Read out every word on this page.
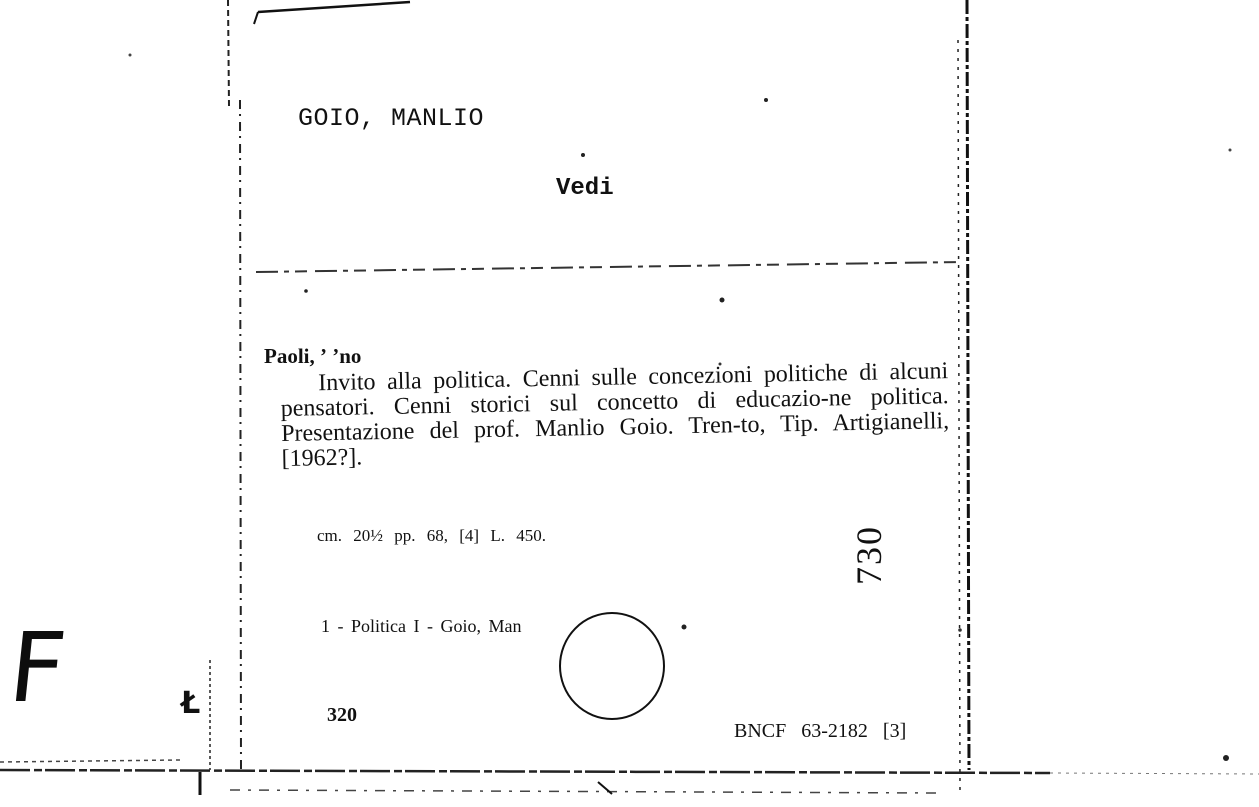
GOIO, MANLIO
Vedi
Paoli, ʼ ʼno
Invito alla politica. Cenni sulle concezioni politiche di alcuni pensatori. Cenni storici sul concetto di educazio-ne politica. Presentazione del prof. Manlio Goio. Tren-to, Tip. Artigianelli, [1962?].
cm. 20½ pp. 68, [4] L. 450.
1 - Politica I - Goio, Man
320
BNCF 63-2182 [3]
730
F	Ł
